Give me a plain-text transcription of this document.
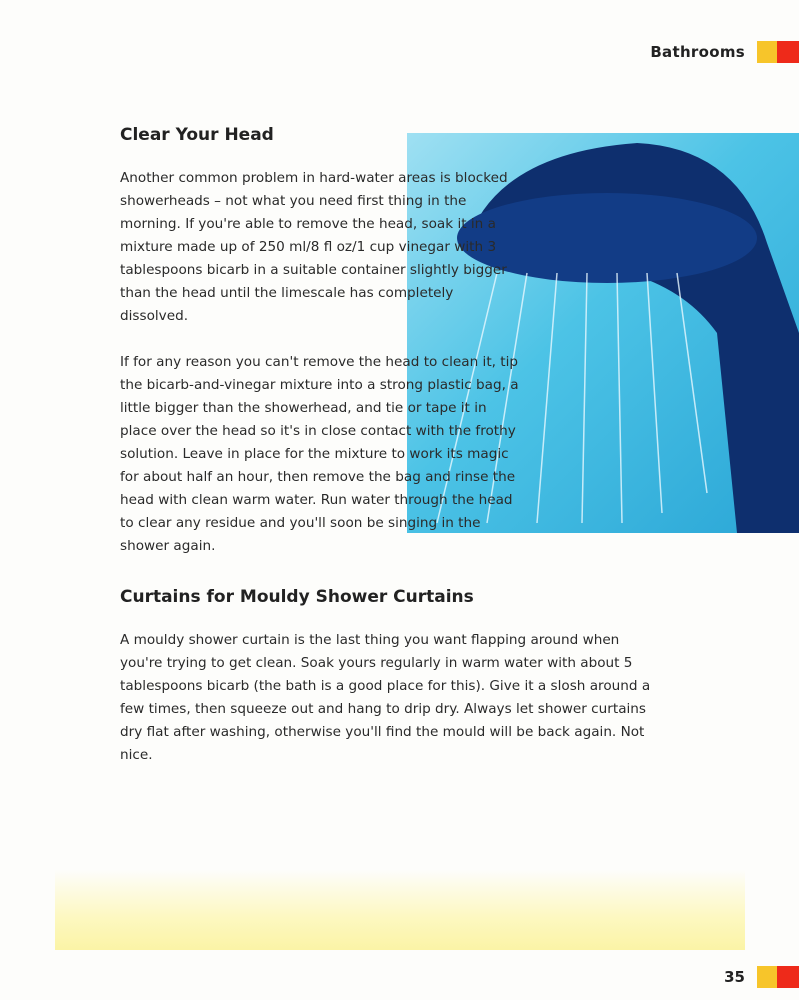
Bathrooms
Clear Your Head

Another common problem in hard-water areas is blocked showerheads – not what you need first thing in the morning. If you're able to remove the head, soak it in a mixture made up of 250 ml/8 fl oz/1 cup vinegar with 3 tablespoons bicarb in a suitable container slightly bigger than the head until the limescale has completely dissolved.

If for any reason you can't remove the head to clean it, tip the bicarb-and-vinegar mixture into a strong plastic bag, a little bigger than the showerhead, and tie or tape it in place over the head so it's in close contact with the frothy solution. Leave in place for the mixture to work its magic for about half an hour, then remove the bag and rinse the head with clean warm water. Run water through the head to clear any residue and you'll soon be singing in the shower again.

Curtains for Mouldy Shower Curtains

A mouldy shower curtain is the last thing you want flapping around when you're trying to get clean. Soak yours regularly in warm water with about 5 tablespoons bicarb (the bath is a good place for this). Give it a slosh around a few times, then squeeze out and hang to drip dry. Always let shower curtains dry flat after washing, otherwise you'll find the mould will be back again. Not nice.

35
